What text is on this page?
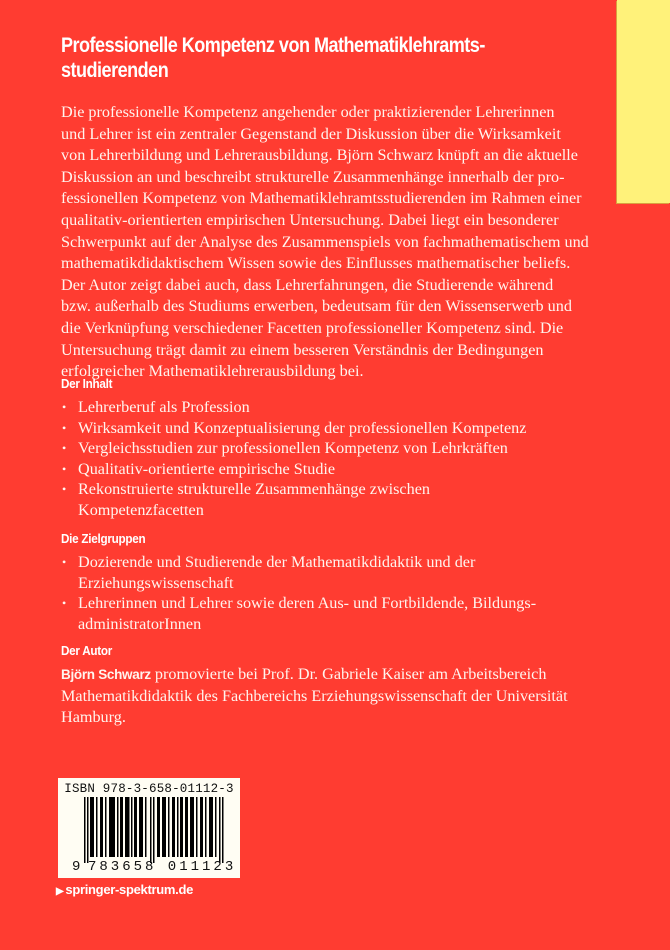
Professionelle Kompetenz von Mathematiklehramts-
studierenden
Die professionelle Kompetenz angehender oder praktizierender Lehrerinnen
und Lehrer ist ein zentraler Gegenstand der Diskussion über die Wirksamkeit
von Lehrerbildung und Lehrerausbildung. Björn Schwarz knüpft an die aktuelle
Diskussion an und beschreibt strukturelle Zusammenhänge innerhalb der pro-
fessionellen Kompetenz von Mathematiklehramtsstudierenden im Rahmen einer
qualitativ-orientierten empirischen Untersuchung. Dabei liegt ein besonderer
Schwerpunkt auf der Analyse des Zusammenspiels von fachmathematischem und
mathematikdidaktischem Wissen sowie des Einflusses mathematischer beliefs.
Der Autor zeigt dabei auch, dass Lehrerfahrungen, die Studierende während
bzw. außerhalb des Studiums erwerben, bedeutsam für den Wissenserwerb und
die Verknüpfung verschiedener Facetten professioneller Kompetenz sind. Die
Untersuchung trägt damit zu einem besseren Verständnis der Bedingungen
erfolgreicher Mathematiklehrerausbildung bei.
Der Inhalt
• Lehrerberuf als Profession
• Wirksamkeit und Konzeptualisierung der professionellen Kompetenz
• Vergleichsstudien zur professionellen Kompetenz von Lehrkräften
• Qualitativ-orientierte empirische Studie
• Rekonstruierte strukturelle Zusammenhänge zwischen
Kompetenzfacetten
Die Zielgruppen
• Dozierende und Studierende der Mathematikdidaktik und der
Erziehungswissenschaft
• Lehrerinnen und Lehrer sowie deren Aus- und Fortbildende, Bildungs-
administratorInnen
Der Autor
Björn Schwarz promovierte bei Prof. Dr. Gabriele Kaiser am Arbeitsbereich
Mathematikdidaktik des Fachbereichs Erziehungswissenschaft der Universität
Hamburg.
ISBN 978-3-658-01112-3
9 783658 011123
▶ springer-spektrum.de
